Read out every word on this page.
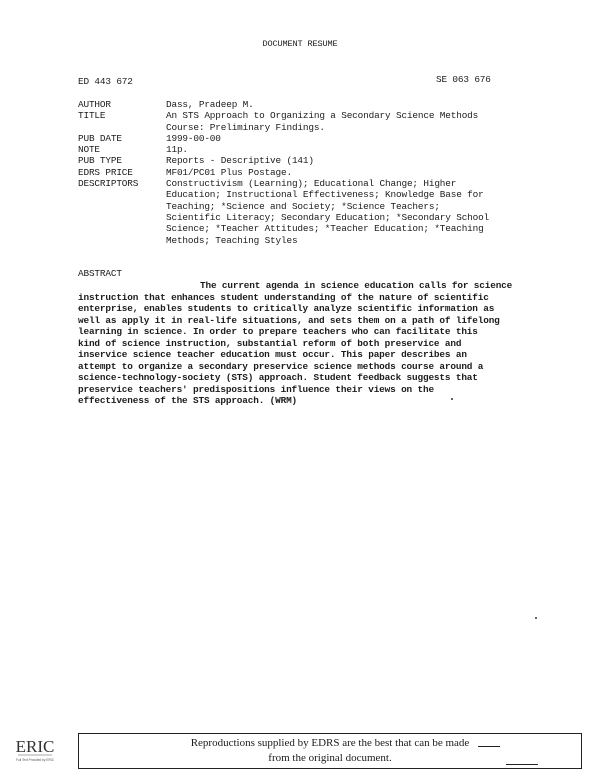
DOCUMENT RESUME
ED 443 672	SE 063 676
AUTHOR	Dass, Pradeep M.
TITLE	An STS Approach to Organizing a Secondary Science Methods
Course: Preliminary Findings.
PUB DATE	1999-00-00
NOTE	11p.
PUB TYPE	Reports - Descriptive (141)
EDRS PRICE	MF01/PC01 Plus Postage.
DESCRIPTORS	Constructivism (Learning); Educational Change; Higher
Education; Instructional Effectiveness; Knowledge Base for
Teaching; *Science and Society; *Science Teachers;
Scientific Literacy; Secondary Education; *Secondary School
Science; *Teacher Attitudes; *Teacher Education; *Teaching
Methods; Teaching Styles
ABSTRACT
The current agenda in science education calls for science
instruction that enhances student understanding of the nature of scientific
enterprise, enables students to critically analyze scientific information as
well as apply it in real-life situations, and sets them on a path of lifelong
learning in science. In order to prepare teachers who can facilitate this
kind of science instruction, substantial reform of both preservice and
inservice science teacher education must occur. This paper describes an
attempt to organize a secondary preservice science methods course around a
science-technology-society (STS) approach. Student feedback suggests that
preservice teachers' predispositions influence their views on the
effectiveness of the STS approach. (WRM)
ERIC
Full Text Provided by ERIC
Reproductions supplied by EDRS are the best that can be made
from the original document.
